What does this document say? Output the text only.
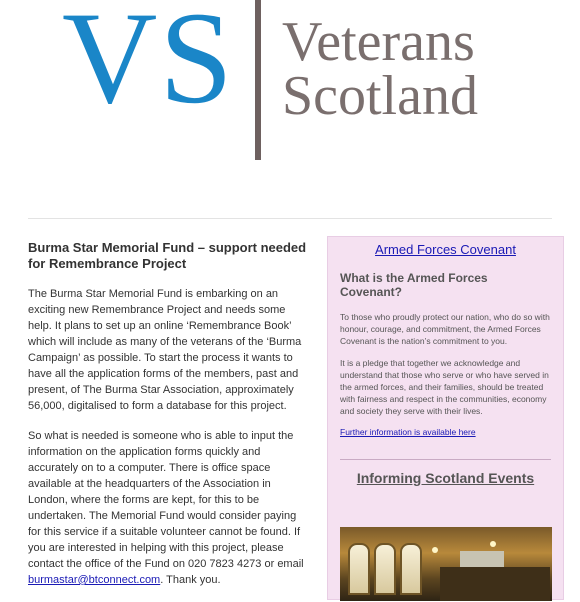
VS Veterans
Scotland
Burma Star Memorial Fund – support needed for Remembrance Project

The Burma Star Memorial Fund is embarking on an exciting new Remembrance Project and needs some help. It plans to set up an online ‘Remembrance Book’ which will include as many of the veterans of the ‘Burma Campaign’ as possible. To start the process it wants to have all the application forms of the members, past and present, of The Burma Star Association, approximately 56,000, digitalised to form a database for this project.

So what is needed is someone who is able to input the information on the application forms quickly and accurately on to a computer. There is office space available at the headquarters of the Association in London, where the forms are kept, for this to be undertaken. The Memorial Fund would consider paying for this service if a suitable volunteer cannot be found. If you are interested in helping with this project, please contact the office of the Fund on 020 7823 4273 or email burmastar@btconnect.com. Thank you.

Armed Forces Covenant
What is the Armed Forces Covenant?

To those who proudly protect our nation, who do so with honour, courage, and commitment, the Armed Forces Covenant is the nation’s commitment to you.

It is a pledge that together we acknowledge and understand that those who serve or who have served in the armed forces, and their families, should be treated with fairness and respect in the communities, economy and society they serve with their lives.

Further information is available here
Informing Scotland Events
